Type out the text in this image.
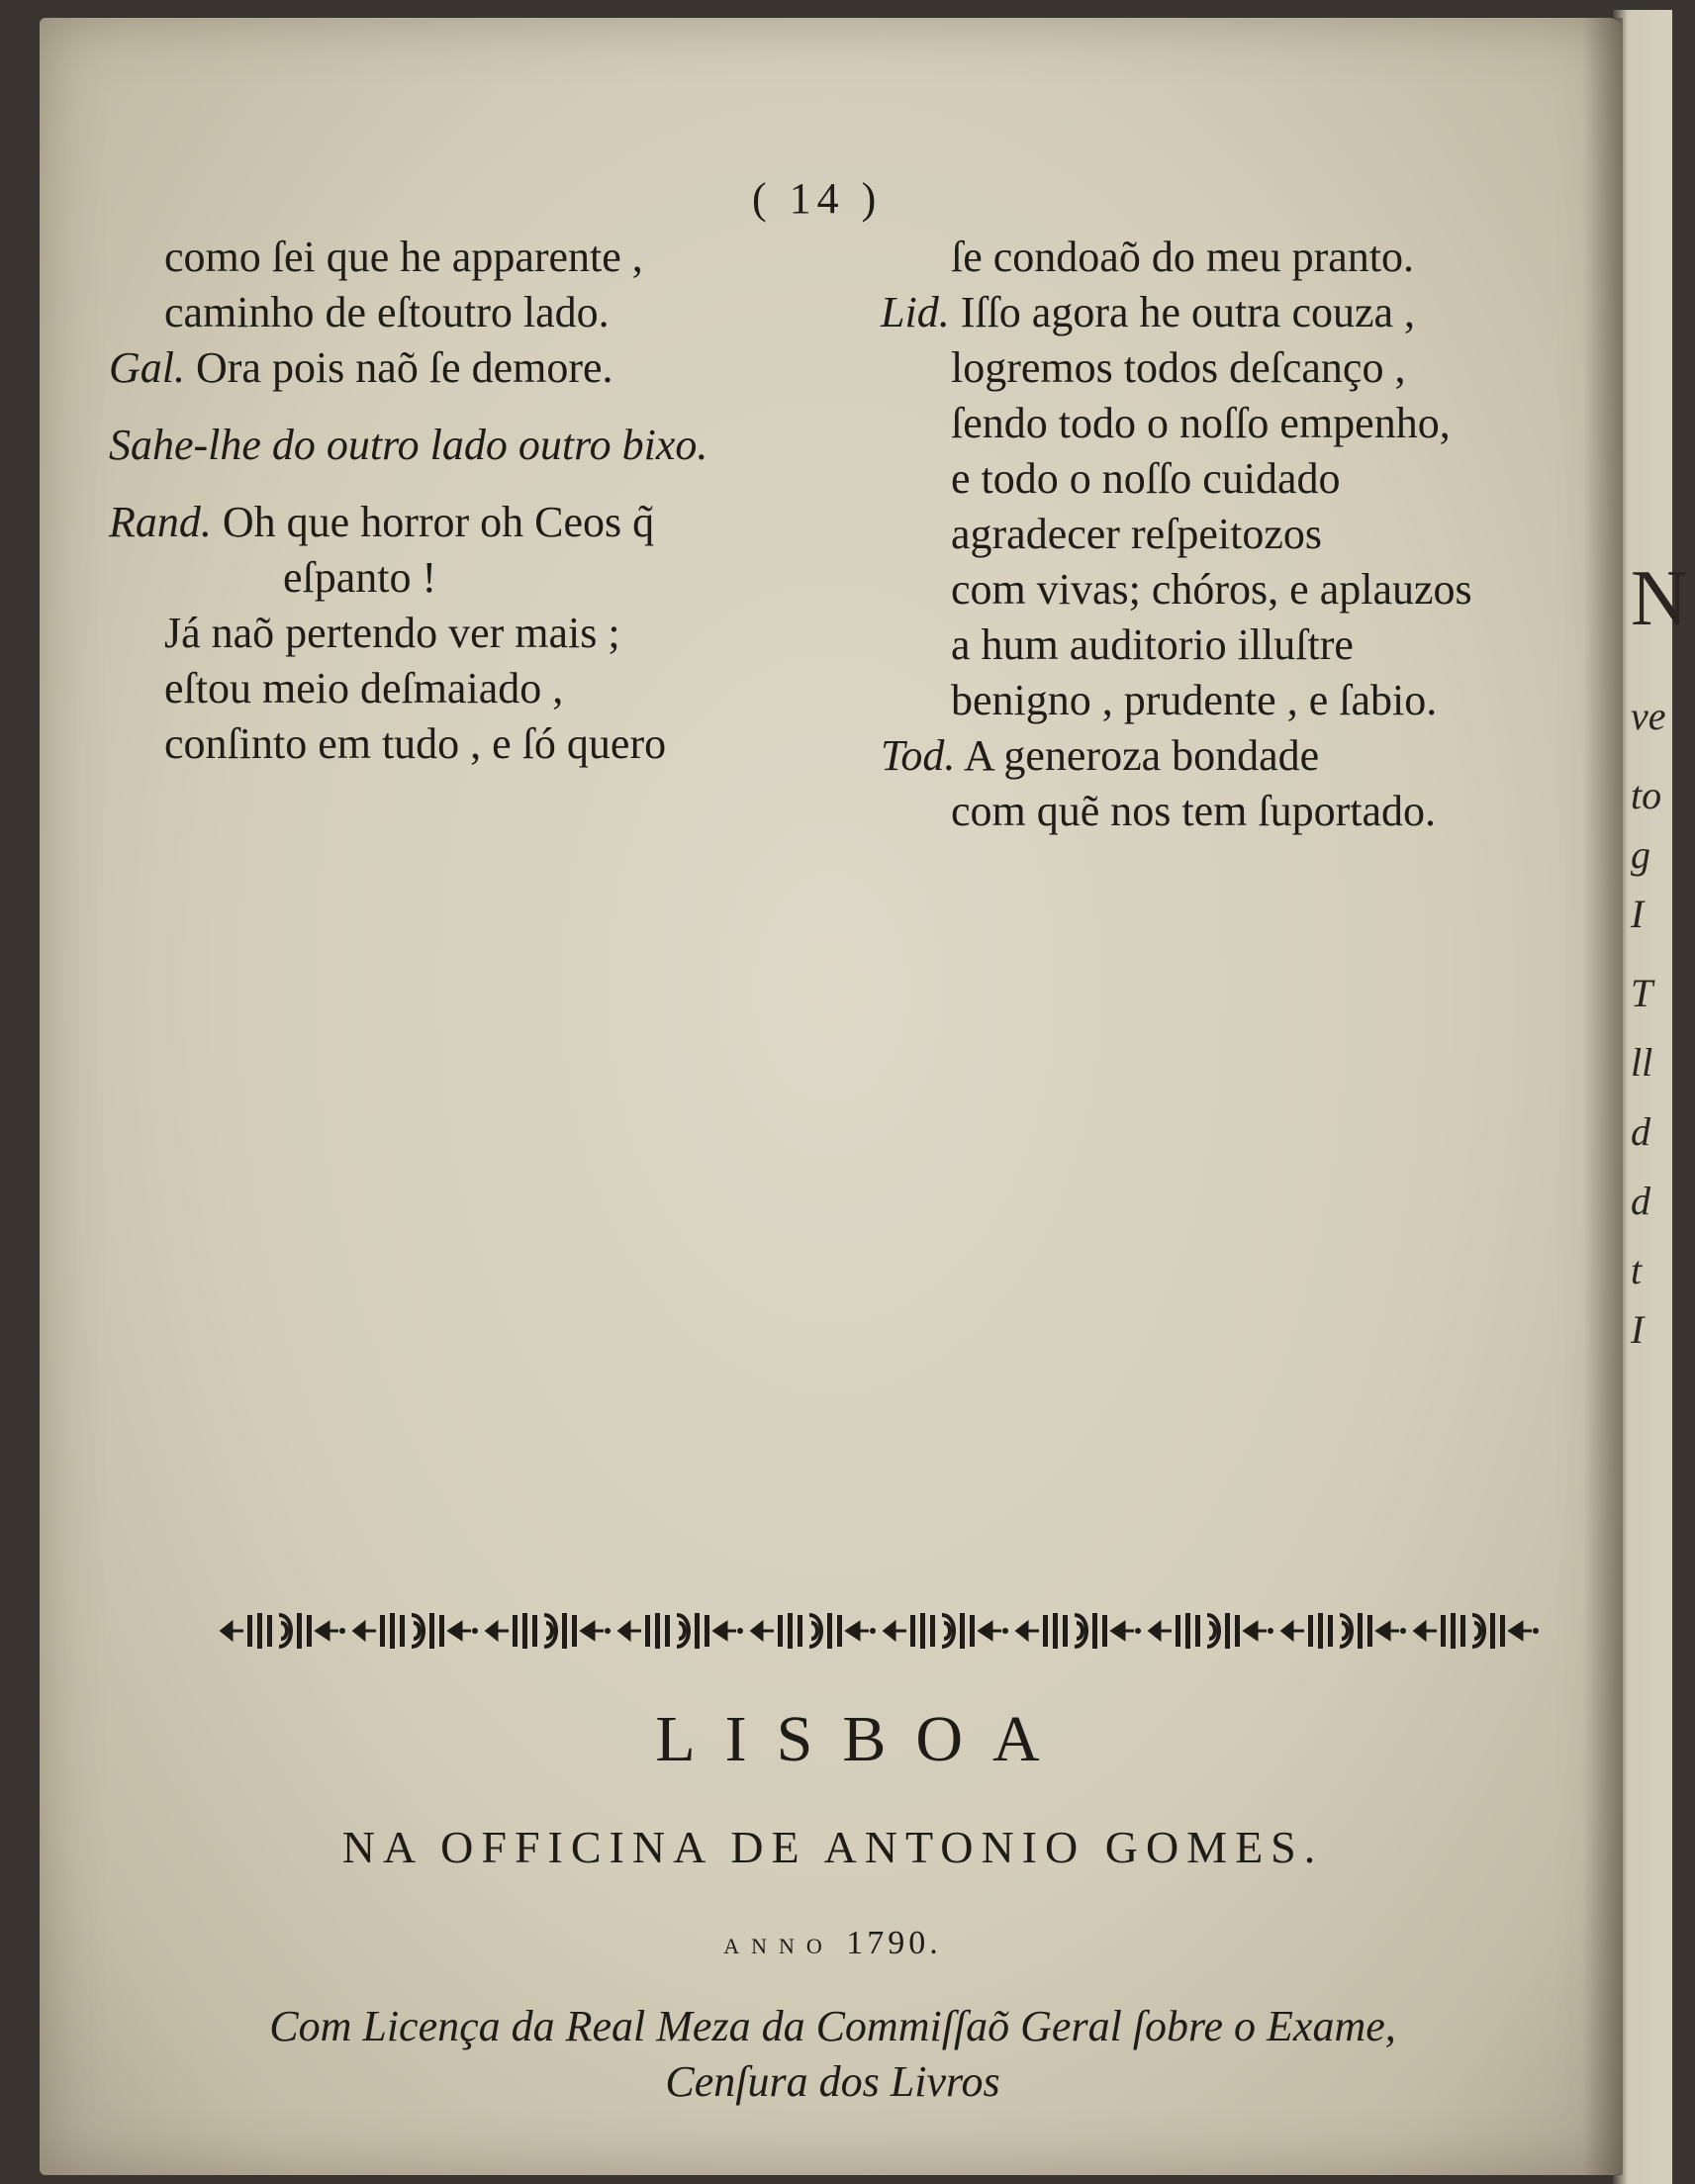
N
ve
to
g
I
T
ll
d
d
t
I
( 14 )
como ſei que he apparente ,
caminho de eſtoutro lado.
Gal. Ora pois naõ ſe demore.
Sahe-lhe do outro lado outro bixo.
Rand. Oh que horror oh Ceos q̃
eſpanto !
Já naõ pertendo ver mais ;
eſtou meio deſmaiado ,
conſinto em tudo , e ſó quero
ſe condoaõ do meu pranto.
Lid. Iſſo agora he outra couza ,
logremos todos deſcanço ,
ſendo todo o noſſo empenho,
e todo o noſſo cuidado
agradecer reſpeitozos
com vivas; chóros, e aplauzos
a hum auditorio illuſtre
benigno , prudente , e ſabio.
Tod. A generoza bondade
com quẽ nos tem ſuportado.
LISBOA
NA OFFICINA DE ANTONIO GOMES.
ANNO 1790.
Com Licença da Real Meza da Commiſſaõ Geral ſobre o Exame,
Cenſura dos Livros
